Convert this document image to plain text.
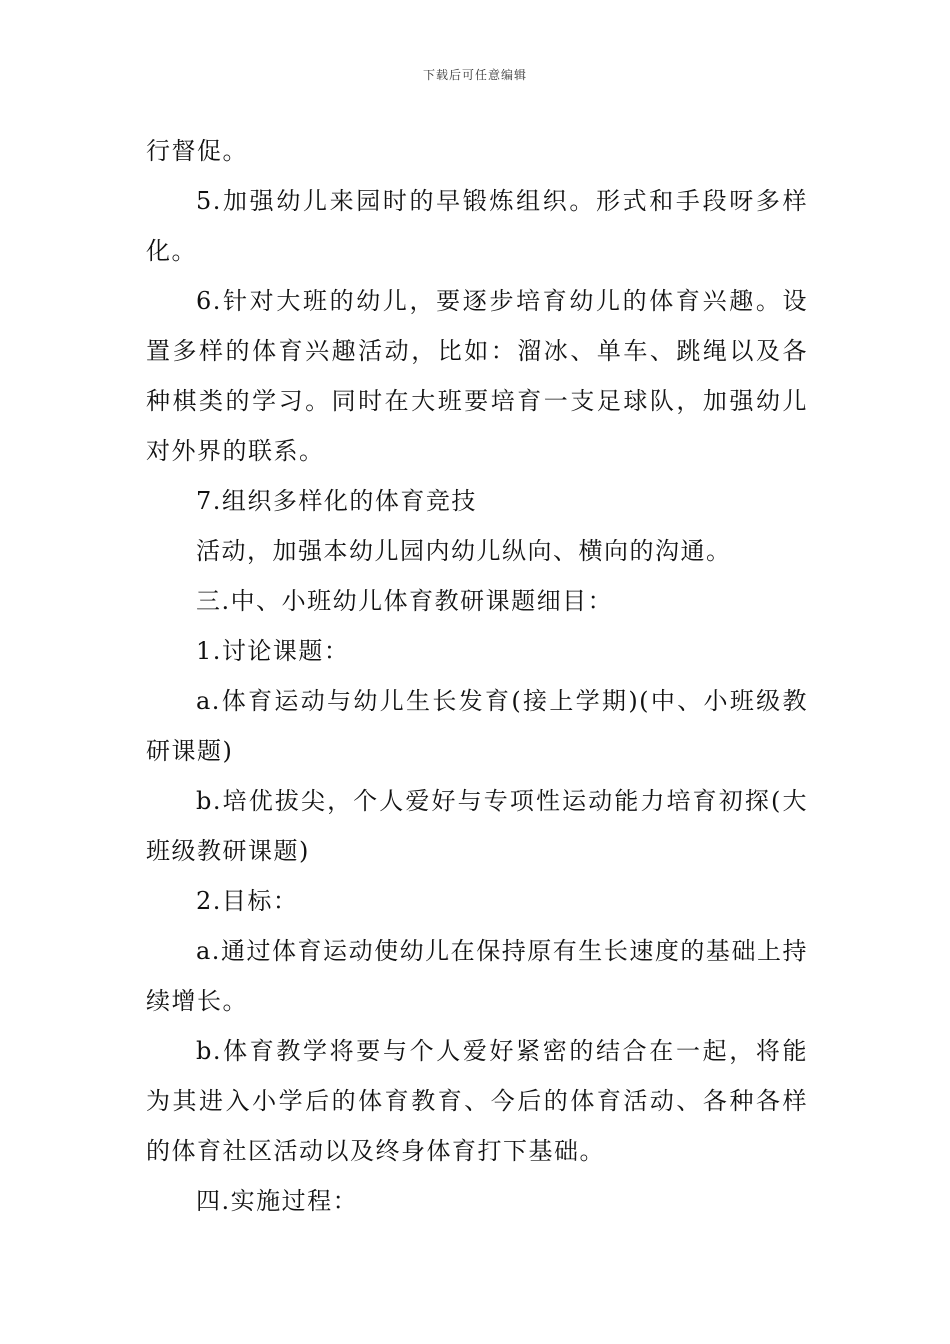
下载后可任意编辑

行督促。

5.加强幼儿来园时的早锻炼组织。形式和手段呀多样化。

6.针对大班的幼儿，要逐步培育幼儿的体育兴趣。设置多样的体育兴趣活动，比如：溜冰、单车、跳绳以及各种棋类的学习。同时在大班要培育一支足球队，加强幼儿对外界的联系。

7.组织多样化的体育竞技

活动，加强本幼儿园内幼儿纵向、横向的沟通。

三.中、小班幼儿体育教研课题细目：

1.讨论课题：

a.体育运动与幼儿生长发育(接上学期)(中、小班级教研课题)

b.培优拔尖，个人爱好与专项性运动能力培育初探(大班级教研课题)

2.目标：

a.通过体育运动使幼儿在保持原有生长速度的基础上持续增长。

b.体育教学将要与个人爱好紧密的结合在一起，将能为其进入小学后的体育教育、今后的体育活动、各种各样的体育社区活动以及终身体育打下基础。

四.实施过程：
